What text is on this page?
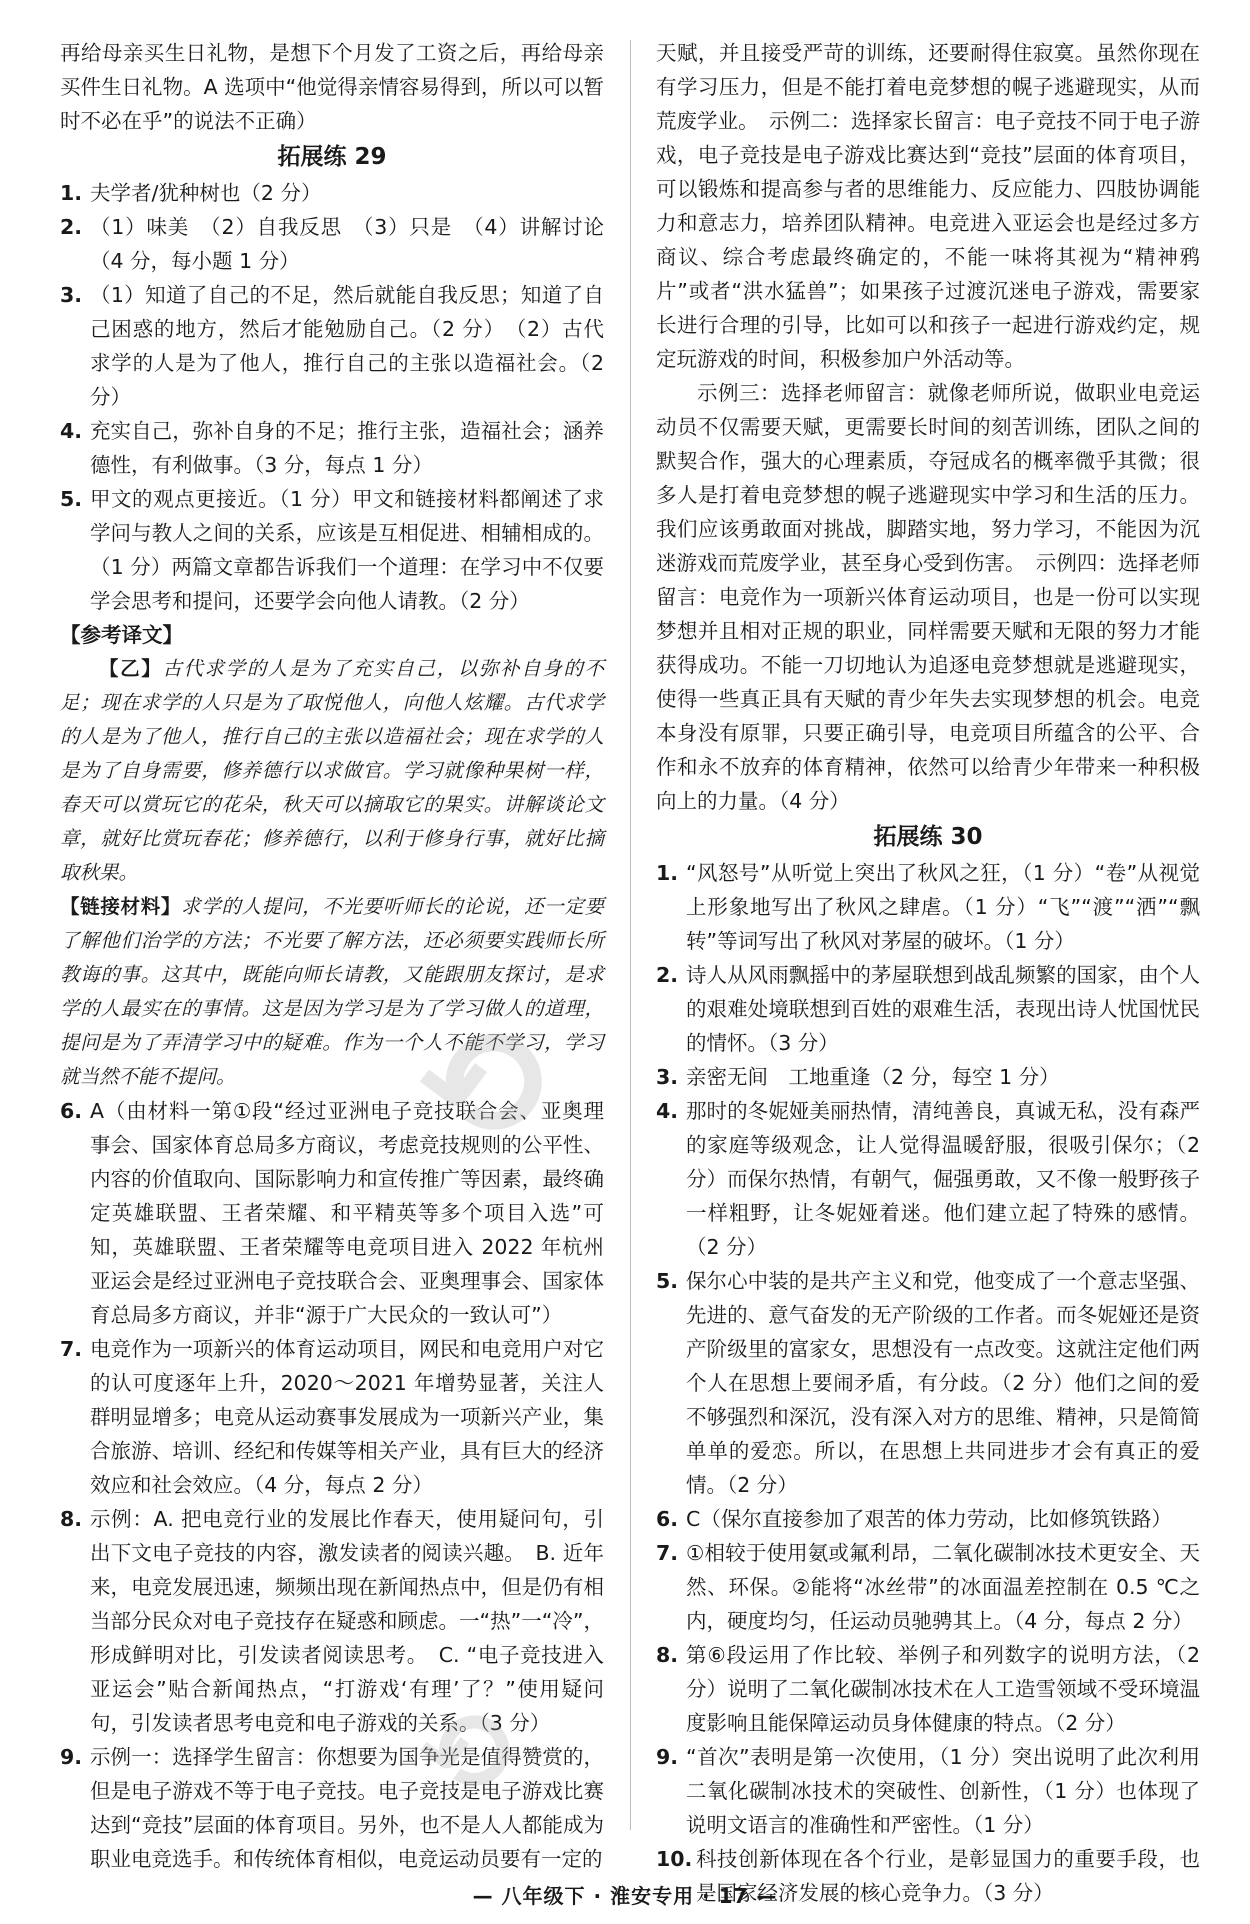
再给母亲买生日礼物，是想下个月发了工资之后，再给母亲买件生日礼物。A 选项中“他觉得亲情容易得到，所以可以暂时不必在乎”的说法不正确）

拓展练 29
1. 夫学者/犹种树也（2 分）
2. （1）味美　（2）自我反思　（3）只是　（4）讲解讨论（4 分，每小题 1 分）
3. （1）知道了自己的不足，然后就能自我反思；知道了自己困惑的地方，然后才能勉励自己。（2 分）　（2）古代求学的人是为了他人，推行自己的主张以造福社会。（2 分）
4. 充实自己，弥补自身的不足；推行主张，造福社会；涵养德性，有利做事。（3 分，每点 1 分）
5. 甲文的观点更接近。（1 分）甲文和链接材料都阐述了求学问与教人之间的关系，应该是互相促进、相辅相成的。（1 分）两篇文章都告诉我们一个道理：在学习中不仅要学会思考和提问，还要学会向他人请教。（2 分）

【参考译文】

【乙】古代求学的人是为了充实自己，以弥补自身的不足；现在求学的人只是为了取悦他人，向他人炫耀。古代求学的人是为了他人，推行自己的主张以造福社会；现在求学的人是为了自身需要，修养德行以求做官。学习就像种果树一样，春天可以赏玩它的花朵，秋天可以摘取它的果实。讲解谈论文章，就好比赏玩春花；修养德行，以利于修身行事，就好比摘取秋果。

【链接材料】求学的人提问，不光要听师长的论说，还一定要了解他们治学的方法；不光要了解方法，还必须要实践师长所教诲的事。这其中，既能向师长请教，又能跟朋友探讨，是求学的人最实在的事情。这是因为学习是为了学习做人的道理，提问是为了弄清学习中的疑难。作为一个人不能不学习，学习就当然不能不提问。

6. A（由材料一第①段“经过亚洲电子竞技联合会、亚奥理事会、国家体育总局多方商议，考虑竞技规则的公平性、内容的价值取向、国际影响力和宣传推广等因素，最终确定英雄联盟、王者荣耀、和平精英等多个项目入选”可知，英雄联盟、王者荣耀等电竞项目进入 2022 年杭州亚运会是经过亚洲电子竞技联合会、亚奥理事会、国家体育总局多方商议，并非“源于广大民众的一致认可”）
7. 电竞作为一项新兴的体育运动项目，网民和电竞用户对它的认可度逐年上升，2020～2021 年增势显著，关注人群明显增多；电竞从运动赛事发展成为一项新兴产业，集合旅游、培训、经纪和传媒等相关产业，具有巨大的经济效应和社会效应。（4 分，每点 2 分）
8. 示例：A. 把电竞行业的发展比作春天，使用疑问句，引出下文电子竞技的内容，激发读者的阅读兴趣。　B. 近年来，电竞发展迅速，频频出现在新闻热点中，但是仍有相当部分民众对电子竞技存在疑惑和顾虑。一“热”一“冷”，形成鲜明对比，引发读者阅读思考。　C. “电子竞技进入亚运会”贴合新闻热点，“打游戏‘有理’了？”使用疑问句，引发读者思考电竞和电子游戏的关系。（3 分）
9. 示例一：选择学生留言：你想要为国争光是值得赞赏的，但是电子游戏不等于电子竞技。电子竞技是电子游戏比赛达到“竞技”层面的体育项目。另外，也不是人人都能成为职业电竞选手。和传统体育相似，电竞运动员要有一定的

天赋，并且接受严苛的训练，还要耐得住寂寞。虽然你现在有学习压力，但是不能打着电竞梦想的幌子逃避现实，从而荒废学业。　示例二：选择家长留言：电子竞技不同于电子游戏，电子竞技是电子游戏比赛达到“竞技”层面的体育项目，可以锻炼和提高参与者的思维能力、反应能力、四肢协调能力和意志力，培养团队精神。电竞进入亚运会也是经过多方商议、综合考虑最终确定的，不能一味将其视为“精神鸦片”或者“洪水猛兽”；如果孩子过渡沉迷电子游戏，需要家长进行合理的引导，比如可以和孩子一起进行游戏约定，规定玩游戏的时间，积极参加户外活动等。

示例三：选择老师留言：就像老师所说，做职业电竞运动员不仅需要天赋，更需要长时间的刻苦训练，团队之间的默契合作，强大的心理素质，夺冠成名的概率微乎其微；很多人是打着电竞梦想的幌子逃避现实中学习和生活的压力。我们应该勇敢面对挑战，脚踏实地，努力学习，不能因为沉迷游戏而荒废学业，甚至身心受到伤害。　示例四：选择老师留言：电竞作为一项新兴体育运动项目，也是一份可以实现梦想并且相对正规的职业，同样需要天赋和无限的努力才能获得成功。不能一刀切地认为追逐电竞梦想就是逃避现实，使得一些真正具有天赋的青少年失去实现梦想的机会。电竞本身没有原罪，只要正确引导，电竞项目所蕴含的公平、合作和永不放弃的体育精神，依然可以给青少年带来一种积极向上的力量。（4 分）

拓展练 30
1. “风怒号”从听觉上突出了秋风之狂，（1 分）“卷”从视觉上形象地写出了秋风之肆虐。（1 分）“飞”“渡”“洒”“飘转”等词写出了秋风对茅屋的破坏。（1 分）
2. 诗人从风雨飘摇中的茅屋联想到战乱频繁的国家，由个人的艰难处境联想到百姓的艰难生活，表现出诗人忧国忧民的情怀。（3 分）
3. 亲密无间　工地重逢（2 分，每空 1 分）
4. 那时的冬妮娅美丽热情，清纯善良，真诚无私，没有森严的家庭等级观念，让人觉得温暖舒服，很吸引保尔；（2 分）而保尔热情，有朝气，倔强勇敢，又不像一般野孩子一样粗野，让冬妮娅着迷。他们建立起了特殊的感情。（2 分）
5. 保尔心中装的是共产主义和党，他变成了一个意志坚强、先进的、意气奋发的无产阶级的工作者。而冬妮娅还是资产阶级里的富家女，思想没有一点改变。这就注定他们两个人在思想上要闹矛盾，有分歧。（2 分）他们之间的爱不够强烈和深沉，没有深入对方的思维、精神，只是简简单单的爱恋。所以，在思想上共同进步才会有真正的爱情。（2 分）
6. C（保尔直接参加了艰苦的体力劳动，比如修筑铁路）
7. ①相较于使用氨或氟利昂，二氧化碳制冰技术更安全、天然、环保。②能将“冰丝带”的冰面温差控制在 0.5 ℃之内，硬度均匀，任运动员驰骋其上。（4 分，每点 2 分）
8. 第⑥段运用了作比较、举例子和列数字的说明方法，（2 分）说明了二氧化碳制冰技术在人工造雪领域不受环境温度影响且能保障运动员身体健康的特点。（2 分）
9. “首次”表明是第一次使用，（1 分）突出说明了此次利用二氧化碳制冰技术的突破性、创新性，（1 分）也体现了说明文语言的准确性和严密性。（1 分）
10. 科技创新体现在各个行业，是彰显国力的重要手段，也是国家经济发展的核心竞争力。（3 分）
⟲
⟲
— 八年级下 · 淮安专用 · 17 —
